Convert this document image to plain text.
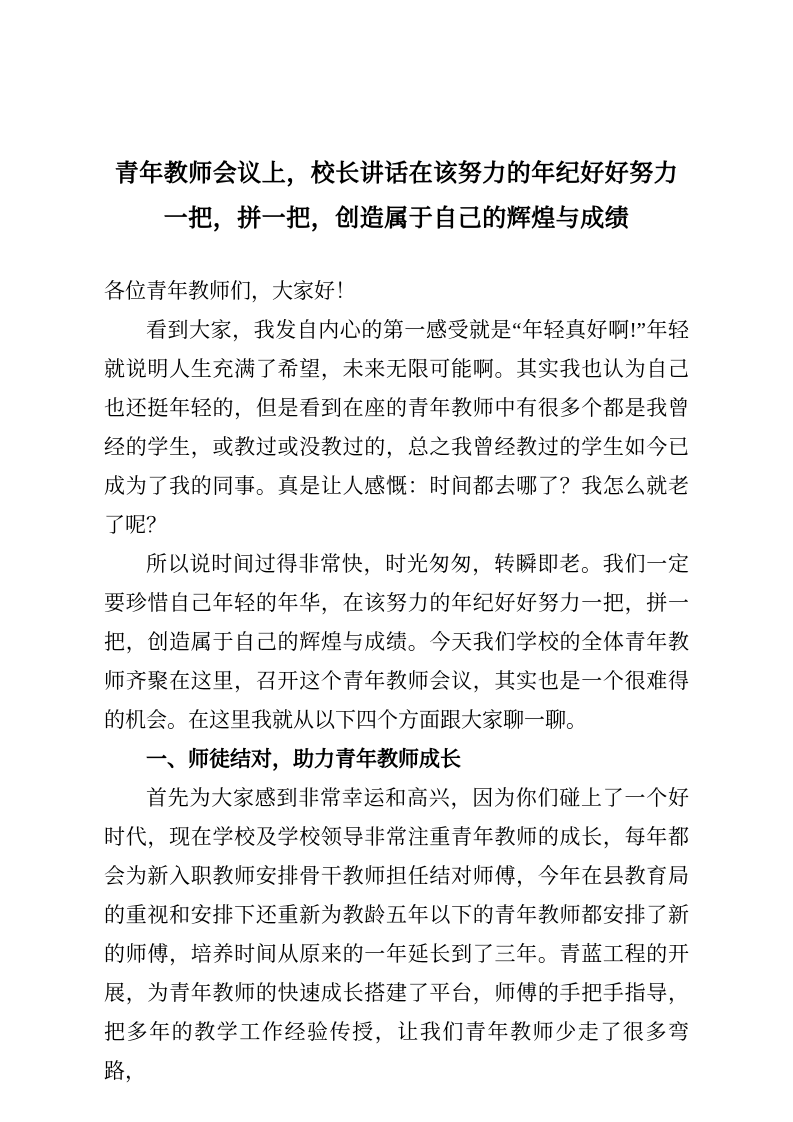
青年教师会议上，校长讲话在该努力的年纪好好努力一把，拼一把，创造属于自己的辉煌与成绩

各位青年教师们，大家好！

看到大家，我发自内心的第一感受就是“年轻真好啊!”年轻就说明人生充满了希望，未来无限可能啊。其实我也认为自己也还挺年轻的，但是看到在座的青年教师中有很多个都是我曾经的学生，或教过或没教过的，总之我曾经教过的学生如今已成为了我的同事。真是让人感慨：时间都去哪了？我怎么就老了呢？

所以说时间过得非常快，时光匆匆，转瞬即老。我们一定要珍惜自己年轻的年华，在该努力的年纪好好努力一把，拼一把，创造属于自己的辉煌与成绩。今天我们学校的全体青年教师齐聚在这里，召开这个青年教师会议，其实也是一个很难得的机会。在这里我就从以下四个方面跟大家聊一聊。

一、师徒结对，助力青年教师成长

首先为大家感到非常幸运和高兴，因为你们碰上了一个好时代，现在学校及学校领导非常注重青年教师的成长，每年都会为新入职教师安排骨干教师担任结对师傅，今年在县教育局的重视和安排下还重新为教龄五年以下的青年教师都安排了新的师傅，培养时间从原来的一年延长到了三年。青蓝工程的开展，为青年教师的快速成长搭建了平台，师傅的手把手指导，把多年的教学工作经验传授，让我们青年教师少走了很多弯路，
